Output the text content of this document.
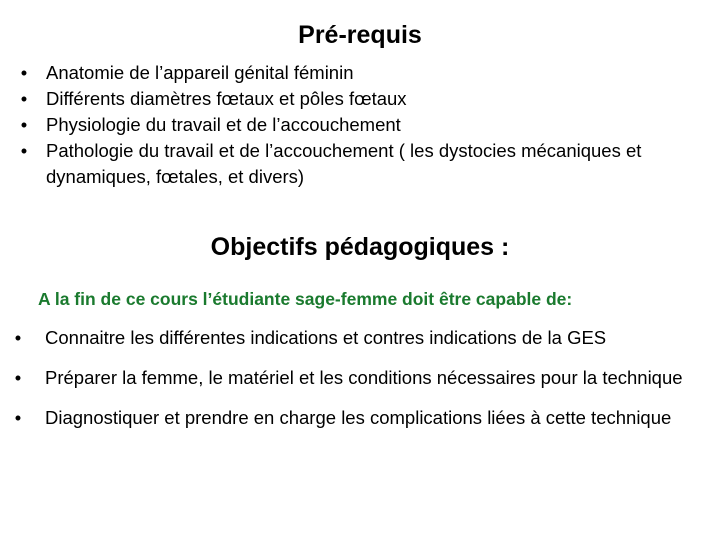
Pré-requis
• Anatomie de l’appareil génital féminin
• Différents diamètres fœtaux et pôles fœtaux
• Physiologie du travail et de l’accouchement
• Pathologie du travail et de l’accouchement ( les dystocies mécaniques et dynamiques, fœtales, et divers)
Objectifs pédagogiques :
A la fin de ce cours l’étudiante sage-femme doit être capable de:
• Connaitre les différentes indications et contres indications de la GES
• Préparer la femme, le matériel et les conditions nécessaires pour la technique
• Diagnostiquer et prendre en charge les complications liées à cette technique
